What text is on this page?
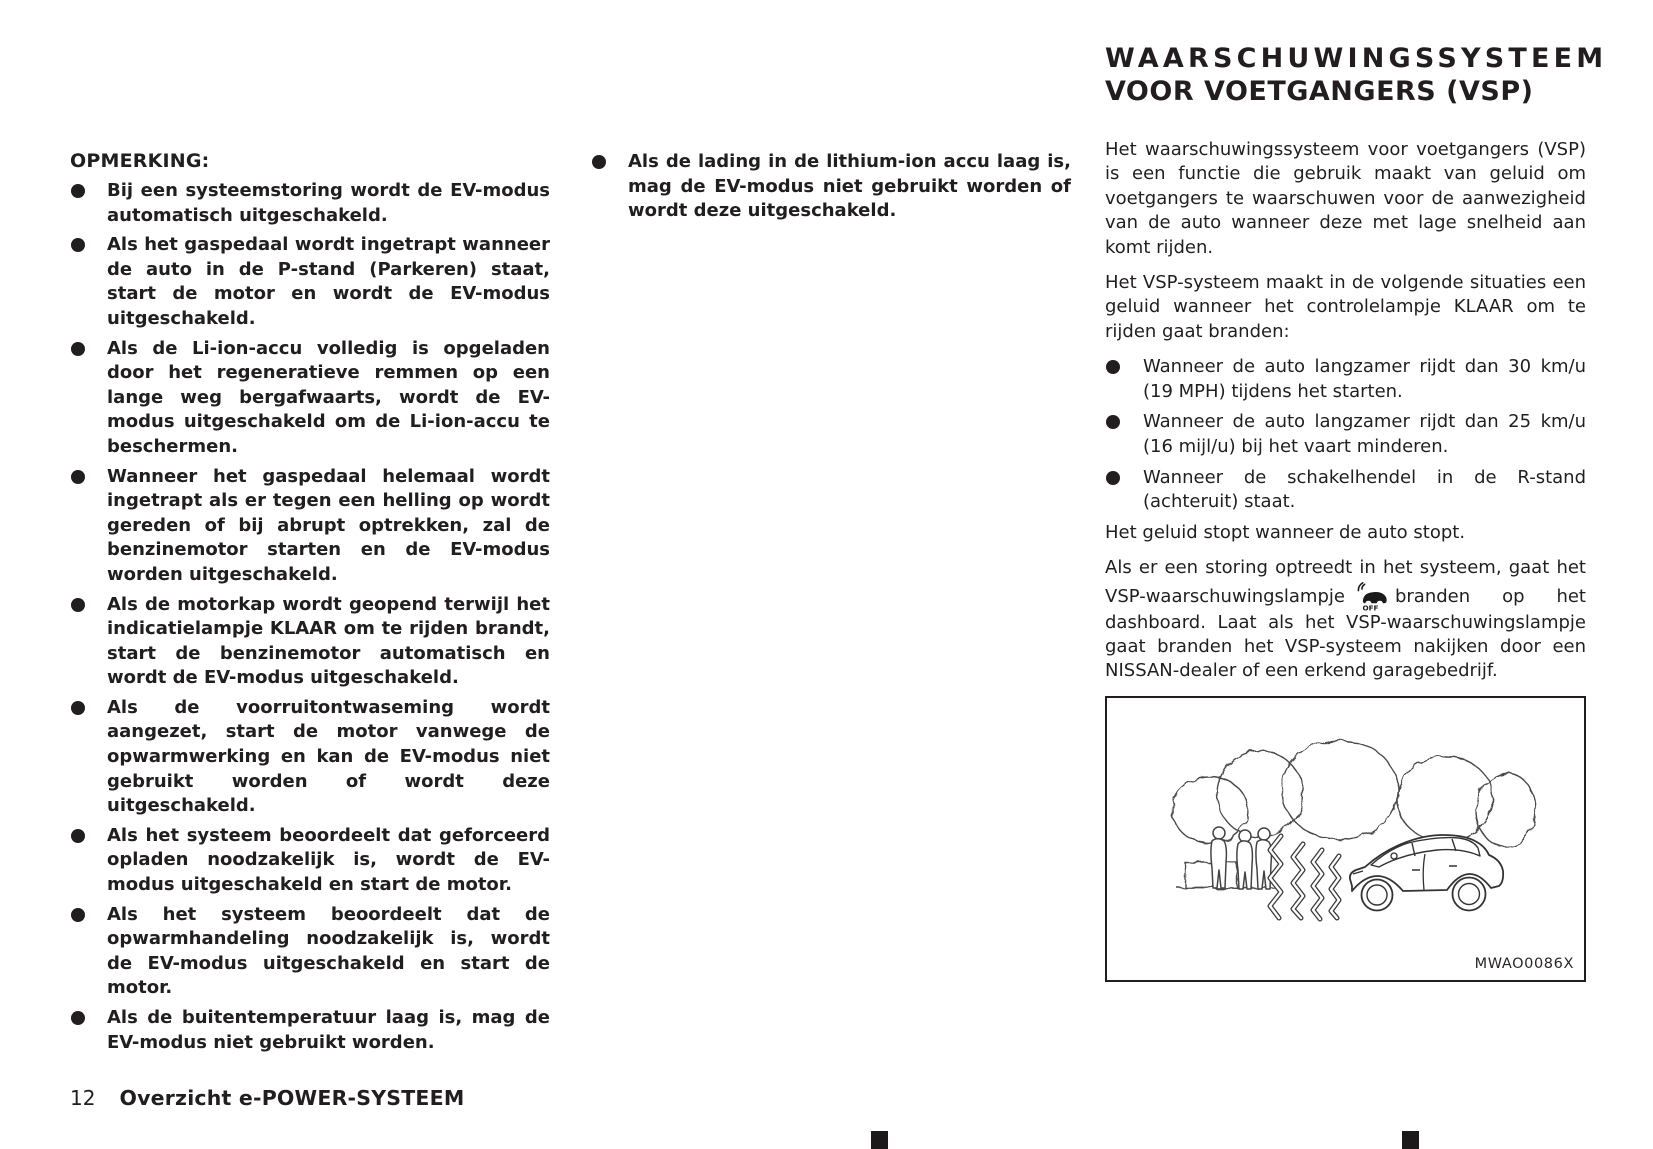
OPMERKING:
Bij een systeemstoring wordt de EV-modus automatisch uitgeschakeld.
Als het gaspedaal wordt ingetrapt wanneer de auto in de P-stand (Parkeren) staat, start de motor en wordt de EV-modus uitgeschakeld.
Als de Li-ion-accu volledig is opgeladen door het regeneratieve remmen op een lange weg bergafwaarts, wordt de EV-modus uitgeschakeld om de Li-ion-accu te beschermen.
Wanneer het gaspedaal helemaal wordt ingetrapt als er tegen een helling op wordt gereden of bij abrupt optrekken, zal de benzinemotor starten en de EV-modus worden uitgeschakeld.
Als de motorkap wordt geopend terwijl het indicatielampje KLAAR om te rijden brandt, start de benzinemotor automatisch en wordt de EV-modus uitgeschakeld.
Als de voorruitontwaseming wordt aangezet, start de motor vanwege de opwarmwerking en kan de EV-modus niet gebruikt worden of wordt deze uitgeschakeld.
Als het systeem beoordeelt dat geforceerd opladen noodzakelijk is, wordt de EV-modus uitgeschakeld en start de motor.
Als het systeem beoordeelt dat de opwarmhandeling noodzakelijk is, wordt de EV-modus uitgeschakeld en start de motor.
Als de buitentemperatuur laag is, mag de EV-modus niet gebruikt worden.
Als de lading in de lithium-ion accu laag is, mag de EV-modus niet gebruikt worden of wordt deze uitgeschakeld.
WAARSCHUWINGSSYSTEEM
VOOR VOETGANGERS (VSP)

Het waarschuwingssysteem voor voetgangers (VSP) is een functie die gebruik maakt van geluid om voetgangers te waarschuwen voor de aanwezigheid van de auto wanneer deze met lage snelheid aan komt rijden.

Het VSP-systeem maakt in de volgende situaties een geluid wanneer het controlelampje KLAAR om te rijden gaat branden:

Wanneer de auto langzamer rijdt dan 30 km/u (19 MPH) tijdens het starten.
Wanneer de auto langzamer rijdt dan 25 km/u (16 mijl/u) bij het vaart minderen.
Wanneer de schakelhendel in de R-stand (achteruit) staat.

Het geluid stopt wanneer de auto stopt.

Als er een storing optreedt in het systeem, gaat het VSP-waarschuwingslampje
OFF
branden op het dashboard. Laat als het VSP-waarschuwingslampje gaat branden het VSP-systeem nakijken door een NISSAN-dealer of een erkend garagebedrijf.

MWAO0086X
12 Overzicht e-POWER-SYSTEEM
